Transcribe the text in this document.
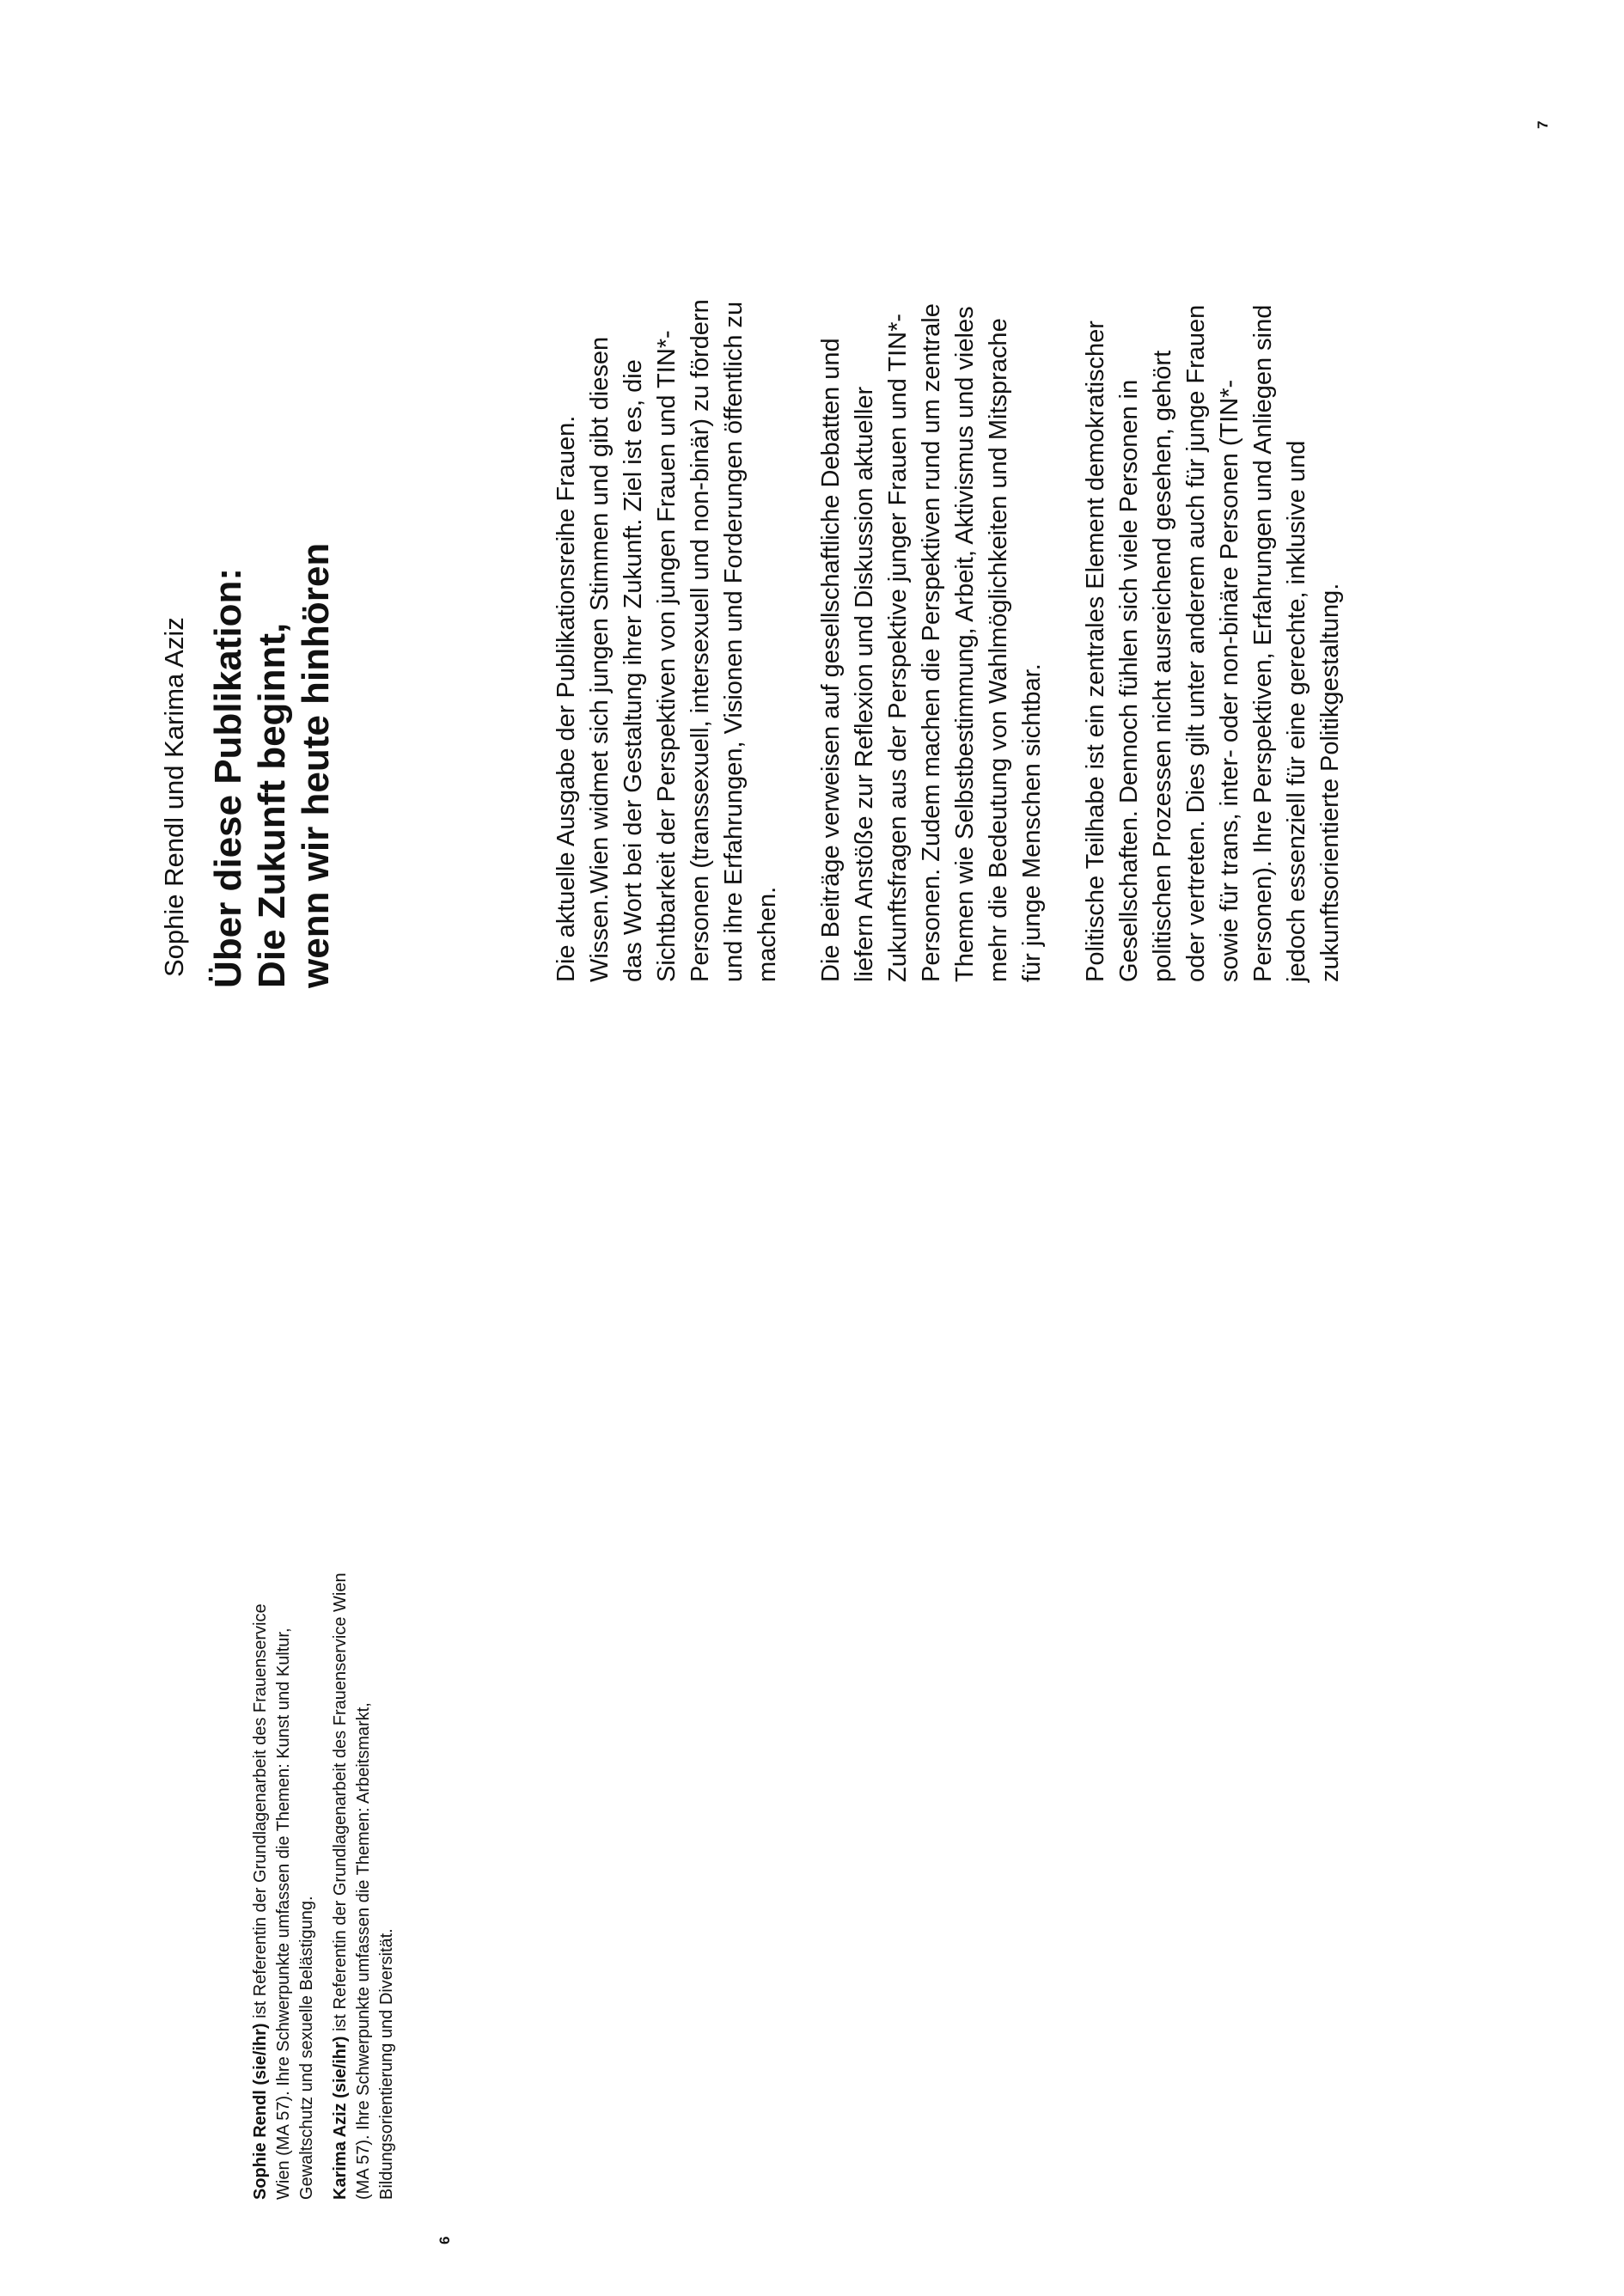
6
7
Sophie Rendl und Karima Aziz Über diese Publikation: Die Zukunft beginnt, wenn wir heute hinhören	Die aktuelle Ausgabe der Publikationsreihe Frauen. Wissen.Wien widmet sich jungen Stimmen und gibt diesen das Wort bei der Gestaltung ihrer Zukunft. Ziel ist es, die Sichtbarkeit der Perspektiven von jungen Frauen und TIN*-Personen (transsexuell, intersexuell und non-binär) zu fördern und ihre Erfahrungen, Visionen und Forderungen öffentlich zu machen. Die Beiträge verweisen auf gesellschaftliche Debatten und liefern Anstöße zur Reflexion und Diskussion aktueller Zukunftsfragen aus der Perspektive junger Frauen und TIN*-Personen. Zudem machen die Perspektiven rund um zentrale Themen wie Selbstbestimmung, Arbeit, Aktivismus und vieles mehr die Bedeutung von Wahlmöglichkeiten und Mitsprache für junge Menschen sichtbar. Politische Teilhabe ist ein zentrales Element demokratischer Gesellschaften. Dennoch fühlen sich viele Personen in politischen Prozessen nicht ausreichend gesehen, gehört oder vertreten. Dies gilt unter anderem auch für junge Frauen sowie für trans, inter- oder non-binäre Personen (TIN*-Personen). Ihre Perspektiven, Erfahrungen und Anliegen sind jedoch essenziell für eine gerechte, inklusive und zukunftsorientierte Politikgestaltung.

Sophie Rendl (sie/ihr) ist Referentin der Grundlagenarbeit des Frauenservice Wien (MA 57). Ihre Schwerpunkte umfassen die Themen: Kunst und Kultur, Gewaltschutz und sexuelle Belästigung. Karima Aziz (sie/ihr) ist Referentin der Grundlagenarbeit des Frauenservice Wien (MA 57). Ihre Schwerpunkte umfassen die Themen: Arbeitsmarkt, Bildungsorientierung und Diversität.
